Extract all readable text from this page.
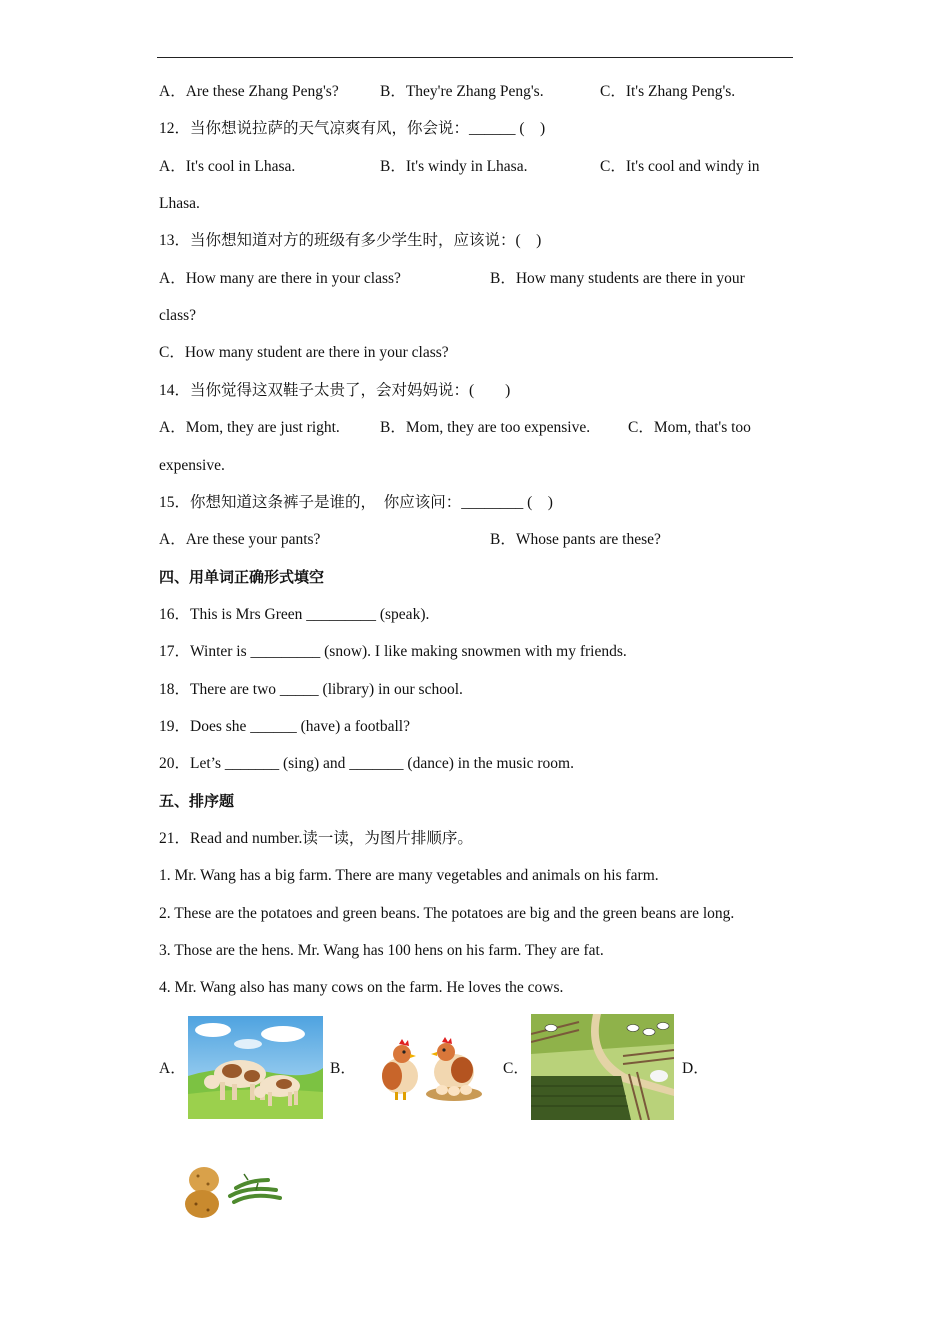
A．Are these Zhang Peng's?	B．They're Zhang Peng's.	C．It's Zhang Peng's.
12．当你想说拉萨的天气凉爽有风，你会说：______ (　)
A．It's cool in Lhasa.	B．It's windy in Lhasa.	C．It's cool and windy in
Lhasa.
13．当你想知道对方的班级有多少学生时，应该说：(　)
A．How many are there in your class?	B．How many students are there in your
class?
C．How many student are there in your class?
14．当你觉得这双鞋子太贵了，会对妈妈说：(　　)
A．Mom, they are just right.	B．Mom, they are too expensive. C．Mom, that's too
expensive.
15．你想知道这条裤子是谁的，　你应该问：________ (　)
A．Are these your pants?	B．Whose pants are these?
四、用单词正确形式填空
16．This is Mrs Green _________ (speak).
17．Winter is _________ (snow). I like making snowmen with my friends.
18．There are two _____ (library) in our school.
19．Does she ______ (have) a football?
20．Let’s _______ (sing) and _______ (dance) in the music room.
五、排序题
21．Read and number.读一读，为图片排顺序。
1. Mr. Wang has a big farm. There are many vegetables and animals on his farm.
2. These are the potatoes and green beans. The potatoes are big and the green beans are long.
3. Those are the hens. Mr. Wang has 100 hens on his farm. They are fat.
4. Mr. Wang also has many cows on the farm. He loves the cows.
A．	B．	C．	D．
